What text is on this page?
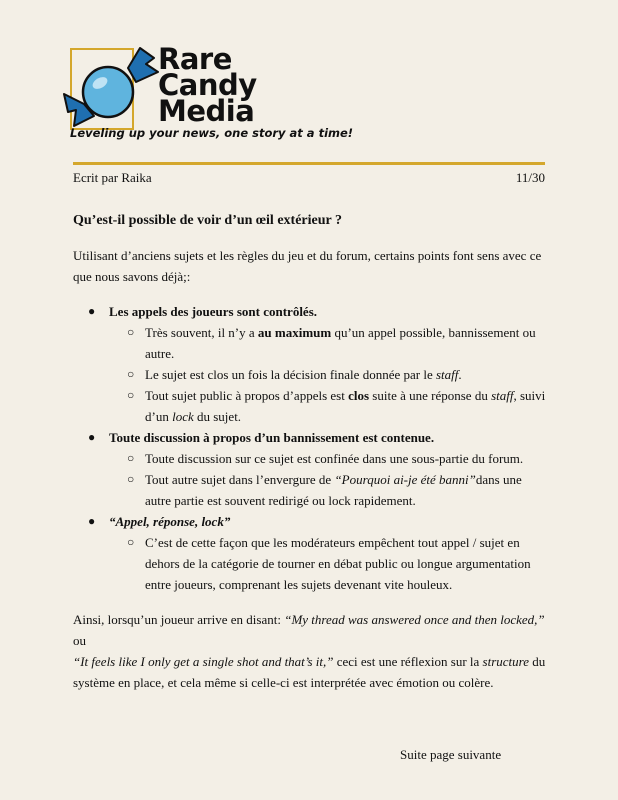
Rare
Candy
Media
Leveling up your news, one story at a time!
Ecrit par Raika	11/30
Qu’est-il possible de voir d’un œil extérieur ?

Utilisant d’anciens sujets et les règles du jeu et du forum, certains points font sens avec ce que nous savons déjà;:

● Les appels des joueurs sont contrôlés.
○ Très souvent, il n’y a au maximum qu’un appel possible, bannissement ou autre.
○ Le sujet est clos un fois la décision finale donnée par le staff.
○ Tout sujet public à propos d’appels est clos suite à une réponse du staff, suivi d’un lock du sujet.
● Toute discussion à propos d’un bannissement est contenue.
○ Toute discussion sur ce sujet est confinée dans une sous-partie du forum.
○ Tout autre sujet dans l’envergure de “Pourquoi ai-je été banni”dans une autre partie est souvent redirigé ou lock rapidement.
● “Appel, réponse, lock”
○ C’est de cette façon que les modérateurs empêchent tout appel / sujet en dehors de la catégorie de tourner en débat public ou longue argumentation entre joueurs, comprenant les sujets devenant vite houleux.

Ainsi, lorsqu’un joueur arrive en disant: “My thread was answered once and then locked,” ou
“It feels like I only get a single shot and that’s it,” ceci est une réflexion sur la structure du système en place, et cela même si celle-ci est interprétée avec émotion ou colère.

Suite page suivante
